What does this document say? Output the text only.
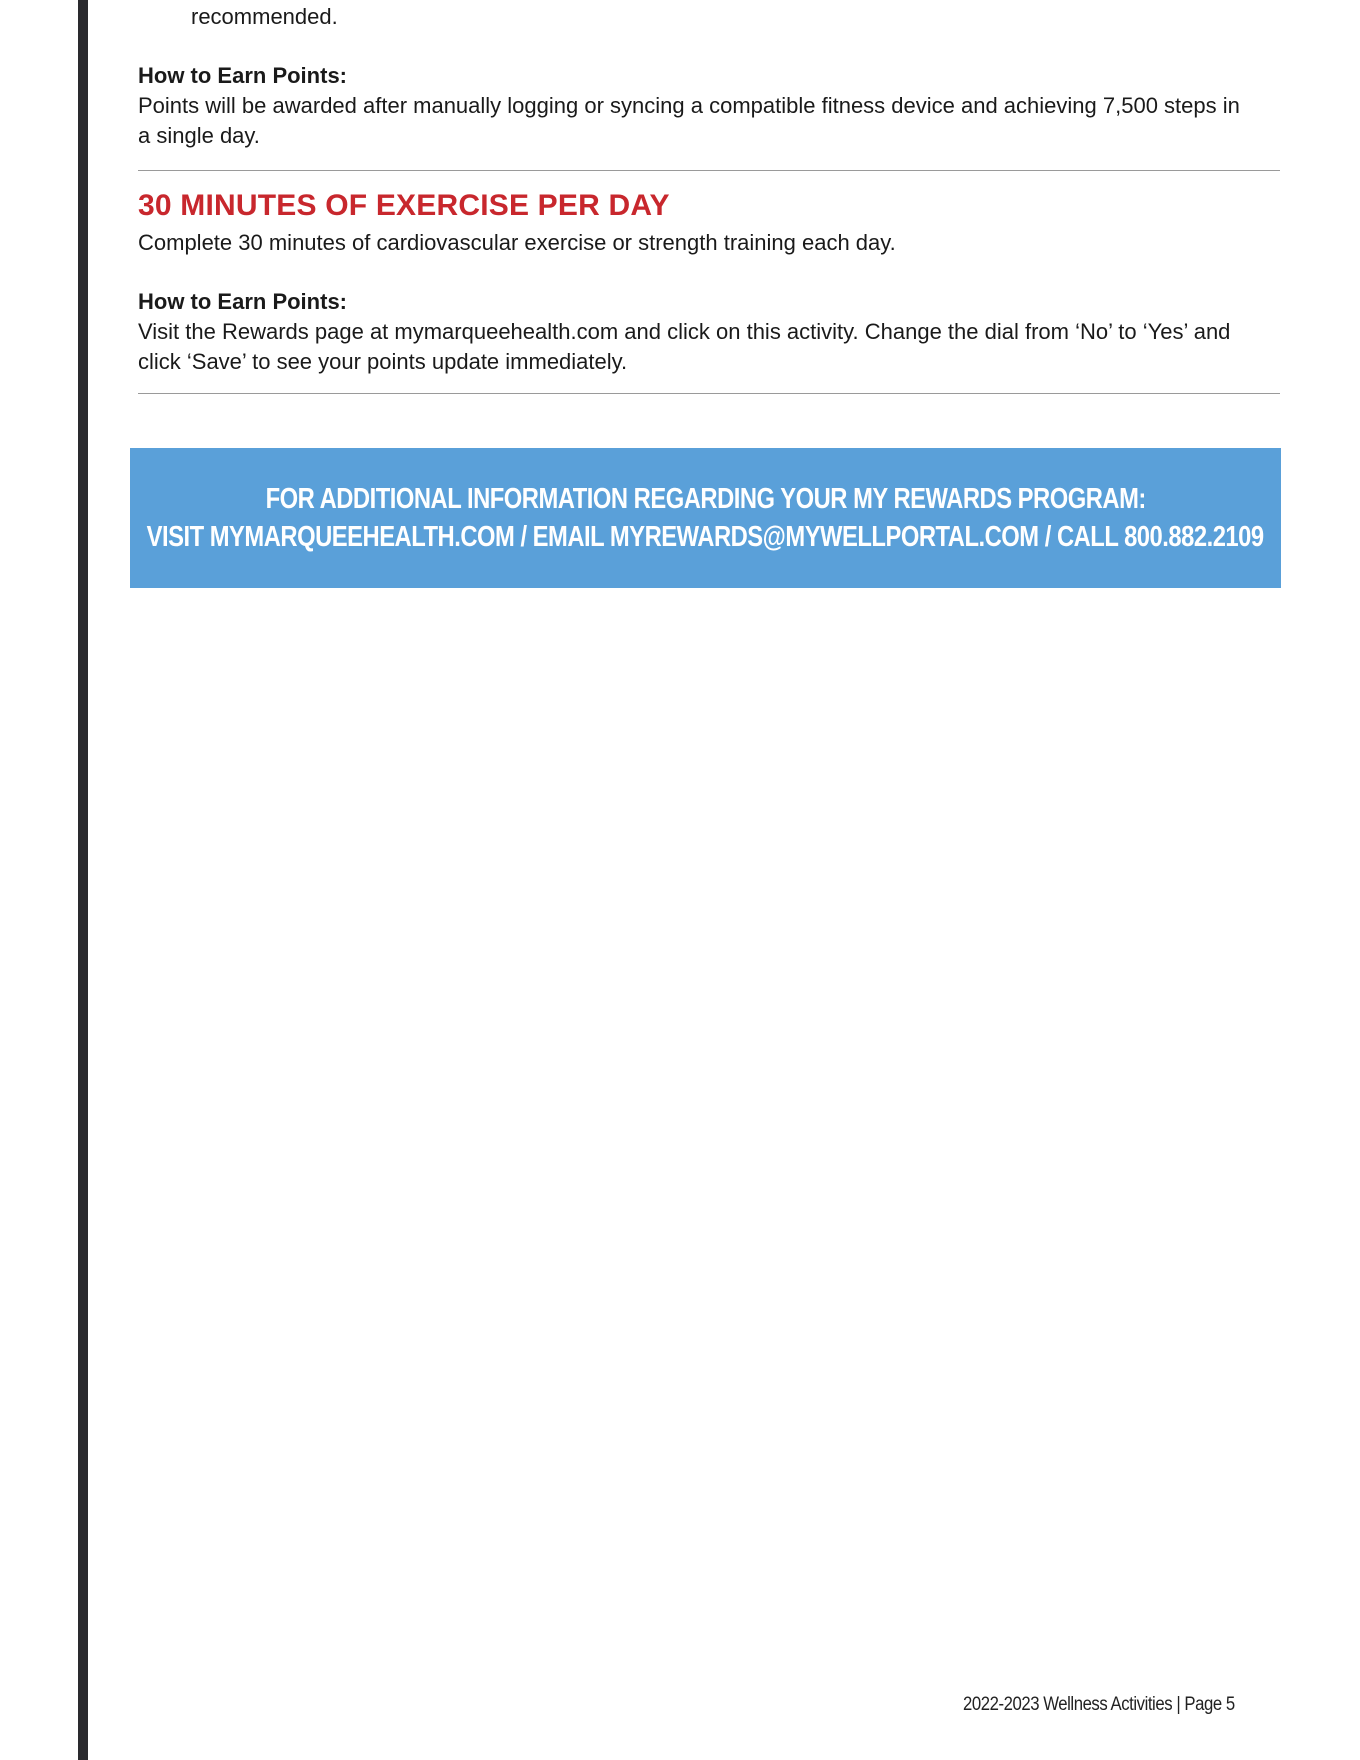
recommended.
How to Earn Points:
Points will be awarded after manually logging or syncing a compatible fitness device and achieving 7,500 steps in a single day.
30 MINUTES OF EXERCISE PER DAY
Complete 30 minutes of cardiovascular exercise or strength training each day.
How to Earn Points:
Visit the Rewards page at mymarqueehealth.com and click on this activity. Change the dial from ‘No’ to ‘Yes’ and click ‘Save’ to see your points update immediately.
FOR ADDITIONAL INFORMATION REGARDING YOUR MY REWARDS PROGRAM:
VISIT MYMARQUEEHEALTH.COM / EMAIL MYREWARDS@MYWELLPORTAL.COM / CALL 800.882.2109
2022-2023 Wellness Activities | Page 5
